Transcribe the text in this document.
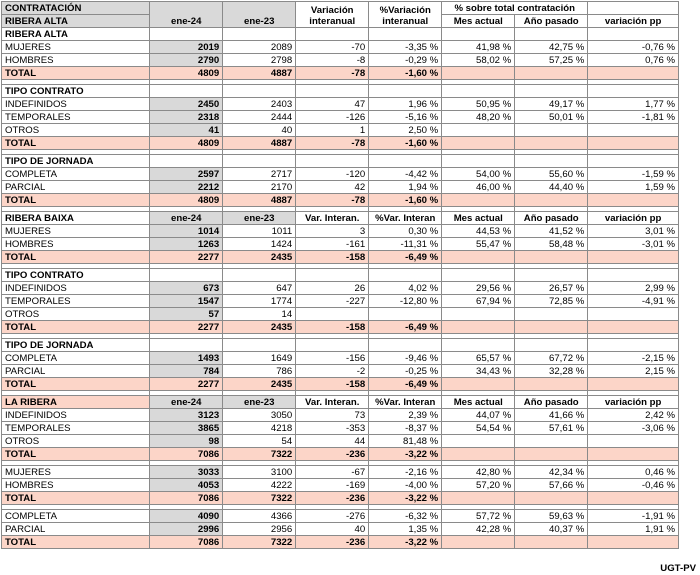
CONTRATACIÓN	ene-24	ene-23	Variación interanual	%Variación interanual	% sobre total contratación		
RIBERA ALTA					Mes actual	Año pasado	variación pp
RIBERA ALTA							
MUJERES	2019	2089	-70	-3,35 %	41,98 %	42,75 %	-0,76 %
HOMBRES	2790	2798	-8	-0,29 %	58,02 %	57,25 %	0,76 %
TOTAL	4809	4887	-78	-1,60 %			

TIPO CONTRATO							
INDEFINIDOS	2450	2403	47	1,96 %	50,95 %	49,17 %	1,77 %
TEMPORALES	2318	2444	-126	-5,16 %	48,20 %	50,01 %	-1,81 %
OTROS	41	40	1	2,50 %			
TOTAL	4809	4887	-78	-1,60 %			

TIPO DE JORNADA							
COMPLETA	2597	2717	-120	-4,42 %	54,00 %	55,60 %	-1,59 %
PARCIAL	2212	2170	42	1,94 %	46,00 %	44,40 %	1,59 %
TOTAL	4809	4887	-78	-1,60 %			

RIBERA BAIXA	ene-24	ene-23	Var. Interan.	%Var. Interan	Mes actual	Año pasado	variación pp
MUJERES	1014	1011	3	0,30 %	44,53 %	41,52 %	3,01 %
HOMBRES	1263	1424	-161	-11,31 %	55,47 %	58,48 %	-3,01 %
TOTAL	2277	2435	-158	-6,49 %			

TIPO CONTRATO							
INDEFINIDOS	673	647	26	4,02 %	29,56 %	26,57 %	2,99 %
TEMPORALES	1547	1774	-227	-12,80 %	67,94 %	72,85 %	-4,91 %
OTROS	57	14					
TOTAL	2277	2435	-158	-6,49 %			

TIPO DE JORNADA							
COMPLETA	1493	1649	-156	-9,46 %	65,57 %	67,72 %	-2,15 %
PARCIAL	784	786	-2	-0,25 %	34,43 %	32,28 %	2,15 %
TOTAL	2277	2435	-158	-6,49 %			

LA RIBERA	ene-24	ene-23	Var. Interan.	%Var. Interan	Mes actual	Año pasado	variación pp
INDEFINIDOS	3123	3050	73	2,39 %	44,07 %	41,66 %	2,42 %
TEMPORALES	3865	4218	-353	-8,37 %	54,54 %	57,61 %	-3,06 %
OTROS	98	54	44	81,48 %			
TOTAL	7086	7322	-236	-3,22 %			

MUJERES	3033	3100	-67	-2,16 %	42,80 %	42,34 %	0,46 %
HOMBRES	4053	4222	-169	-4,00 %	57,20 %	57,66 %	-0,46 %
TOTAL	7086	7322	-236	-3,22 %			

COMPLETA	4090	4366	-276	-6,32 %	57,72 %	59,63 %	-1,91 %
PARCIAL	2996	2956	40	1,35 %	42,28 %	40,37 %	1,91 %
TOTAL	7086	7322	-236	-3,22 %			
UGT-PV
